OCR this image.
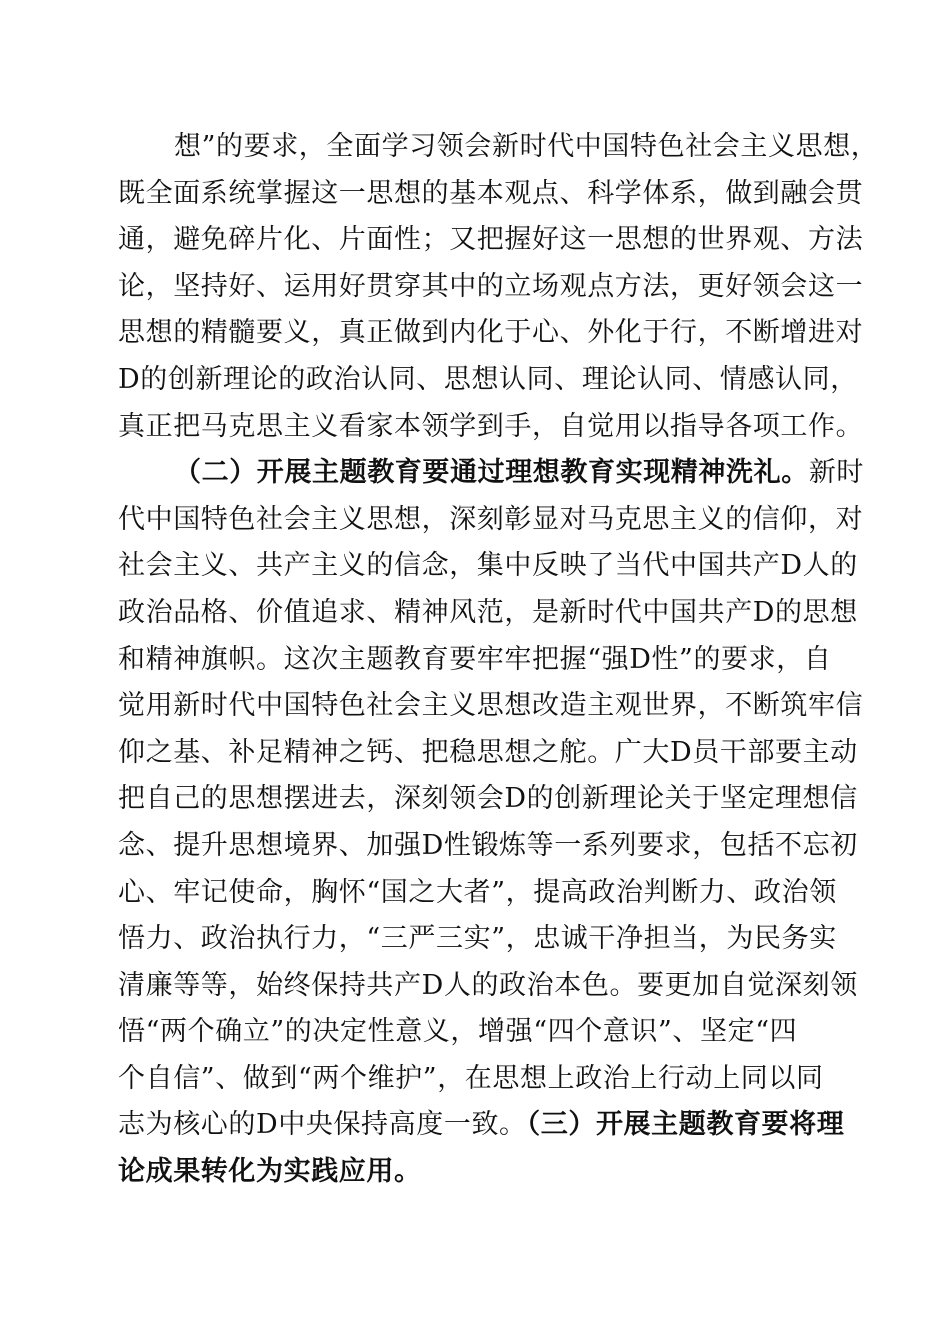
想”的要求，全面学习领会新时代中国特色社会主义思想，
既全面系统掌握这一思想的基本观点、科学体系，做到融会贯
通，避免碎片化、片面性；又把握好这一思想的世界观、方法
论，坚持好、运用好贯穿其中的立场观点方法，更好领会这一
思想的精髓要义，真正做到内化于心、外化于行，不断增进对
D的创新理论的政治认同、思想认同、理论认同、情感认同，
真正把马克思主义看家本领学到手，自觉用以指导各项工作。
（二）开展主题教育要通过理想教育实现精神洗礼。新时
代中国特色社会主义思想，深刻彰显对马克思主义的信仰，对
社会主义、共产主义的信念，集中反映了当代中国共产D人的
政治品格、价值追求、精神风范，是新时代中国共产D的思想
和精神旗帜。这次主题教育要牢牢把握“强D性”的要求，自
觉用新时代中国特色社会主义思想改造主观世界，不断筑牢信
仰之基、补足精神之钙、把稳思想之舵。广大D员干部要主动
把自己的思想摆进去，深刻领会D的创新理论关于坚定理想信
念、提升思想境界、加强D性锻炼等一系列要求，包括不忘初
心、牢记使命，胸怀“国之大者”，提高政治判断力、政治领
悟力、政治执行力，“三严三实”，忠诚干净担当，为民务实
清廉等等，始终保持共产D人的政治本色。要更加自觉深刻领
悟“两个确立”的决定性意义，增强“四个意识”、坚定“四
个自信”、做到“两个维护”，在思想上政治上行动上同以同
志为核心的D中央保持高度一致。（三）开展主题教育要将理
论成果转化为实践应用。
